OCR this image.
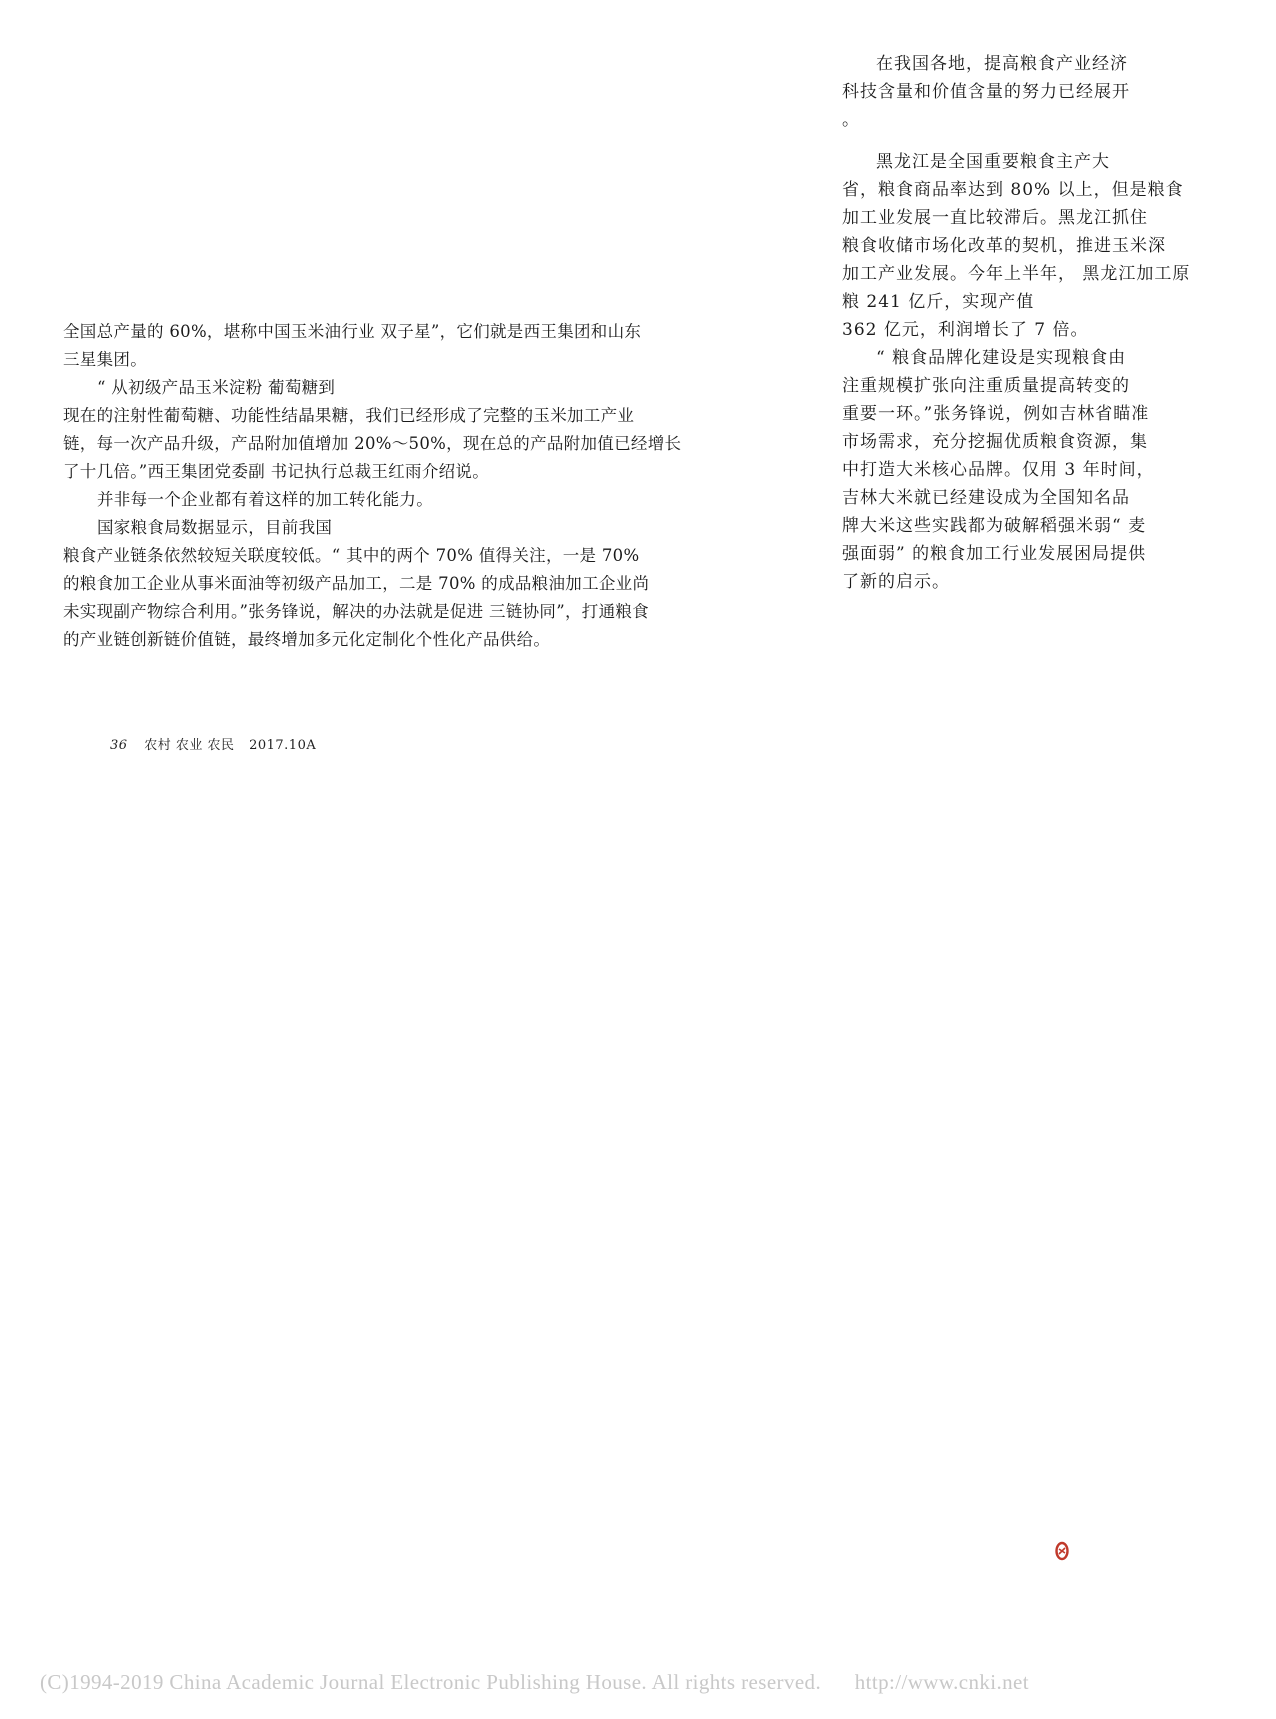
全国总产量的 60%，堪称中国玉米油行业 双子星”，它们就是西王集团和山东
三星集团。
“ 从初级产品玉米淀粉 葡萄糖到
现在的注射性葡萄糖、功能性结晶果糖，我们已经形成了完整的玉米加工产业
链，每一次产品升级，产品附加值增加 20%～50%，现在总的产品附加值已经增长
了十几倍。”西王集团党委副 书记执行总裁王红雨介绍说。
并非每一个企业都有着这样的加工转化能力。
国家粮食局数据显示，目前我国
粮食产业链条依然较短关联度较低。“ 其中的两个 70% 值得关注，一是 70%
的粮食加工企业从事米面油等初级产品加工，二是 70% 的成品粮油加工企业尚
未实现副产物综合利用。”张务锋说，解决的办法就是促进 三链协同”，打通粮食
的产业链创新链价值链，最终增加多元化定制化个性化产品供给。
在我国各地，提高粮食产业经济
科技含量和价值含量的努力已经展开
。
黑龙江是全国重要粮食主产大
省，粮食商品率达到 80% 以上，但是粮食
加工业发展一直比较滞后。黑龙江抓住
粮食收储市场化改革的契机，推进玉米深
加工产业发展。今年上半年， 黑龙江加工原
粮 241 亿斤，实现产值
362 亿元，利润增长了 7 倍。
“ 粮食品牌化建设是实现粮食由
注重规模扩张向注重质量提高转变的
重要一环。”张务锋说，例如吉林省瞄准
市场需求，充分挖掘优质粮食资源，集
中打造大米核心品牌。仅用 3 年时间，
吉林大米就已经建设成为全国知名品
牌大米这些实践都为破解稻强米弱“ 麦
强面弱” 的粮食加工行业发展困局提供
了新的启示。
36 农村 农业 农民 2017.10A
(C)1994-2019 China Academic Journal Electronic Publishing House. All rights reserved. http://www.cnki.net
